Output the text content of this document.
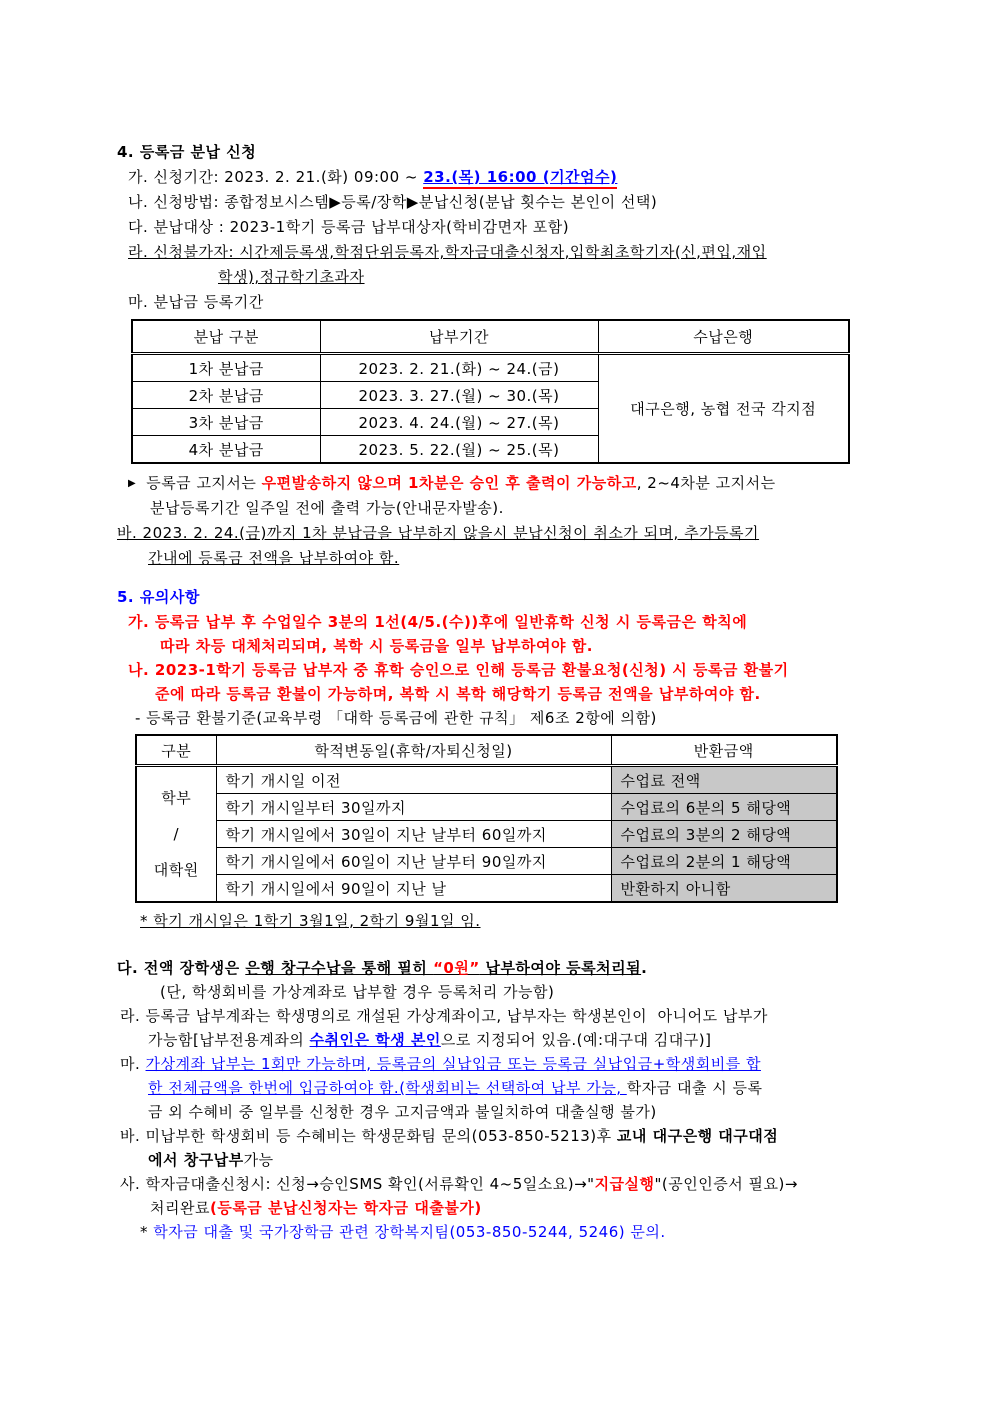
4. 등록금 분납 신청
가. 신청기간: 2023. 2. 21.(화) 09:00 ~ 23.(목) 16:00 (기간엄수)
나. 신청방법: 종합정보시스템▶등록/장학▶분납신청(분납 횟수는 본인이 선택)
다. 분납대상 : 2023-1학기 등록금 납부대상자(학비감면자 포함)
라. 신청불가자: 시간제등록생,학점단위등록자,학자금대출신청자,입학최초학기자(신,편입,재입
학생),정규학기초과자
마. 분납금 등록기간
분납 구분	납부기간	수납은행
1차 분납금	2023. 2. 21.(화) ~ 24.(금)	대구은행, 농협 전국 각지점
2차 분납금	2023. 3. 27.(월) ~ 30.(목)	
3차 분납금	2023. 4. 24.(월) ~ 27.(목)	
4차 분납금	2023. 5. 22.(월) ~ 25.(목)	
▶ 등록금 고지서는 우편발송하지 않으며 1차분은 승인 후 출력이 가능하고, 2~4차분 고지서는
분납등록기간 일주일 전에 출력 가능(안내문자발송).
바. 2023. 2. 24.(금)까지 1차 분납금을 납부하지 않을시 분납신청이 취소가 되며, 추가등록기
간내에 등록금 전액을 납부하여야 함.
5. 유의사항
가. 등록금 납부 후 수업일수 3분의 1선(4/5.(수))후에 일반휴학 신청 시 등록금은 학칙에
따라 차등 대체처리되며, 복학 시 등록금을 일부 납부하여야 함.
나. 2023-1학기 등록금 납부자 중 휴학 승인으로 인해 등록금 환불요청(신청) 시 등록금 환불기
준에 따라 등록금 환불이 가능하며, 복학 시 복학 해당학기 등록금 전액을 납부하여야 함.
- 등록금 환불기준(교육부령 「대학 등록금에 관한 규칙」 제6조 2항에 의함)
구분	학적변동일(휴학/자퇴신청일)	반환금액

학부
/
대학원	학기 개시일 이전	수업료 전액
	학기 개시일부터 30일까지	수업료의 6분의 5 해당액
	학기 개시일에서 30일이 지난 날부터 60일까지	수업료의 3분의 2 해당액
	학기 개시일에서 60일이 지난 날부터 90일까지	수업료의 2분의 1 해당액
	학기 개시일에서 90일이 지난 날	반환하지 아니함
* 학기 개시일은 1학기 3월1일, 2학기 9월1일 임.
다. 전액 장학생은 은행 창구수납을 통해 필히 “0원” 납부하여야 등록처리됨.
(단, 학생회비를 가상계좌로 납부할 경우 등록처리 가능함)
라. 등록금 납부계좌는 학생명의로 개설된 가상계좌이고, 납부자는 학생본인이  아니어도 납부가
가능함[납부전용계좌의 수취인은 학생 본인으로 지정되어 있음.(예:대구대 김대구)]
마. 가상계좌 납부는 1회만 가능하며, 등록금의 실납입금 또는 등록금 실납입금+학생회비를 합
한 전체금액을 한번에 입금하여야 함.(학생회비는 선택하여 납부 가능, 학자금 대출 시 등록
금 외 수혜비 중 일부를 신청한 경우 고지금액과 불일치하여 대출실행 불가)
바. 미납부한 학생회비 등 수혜비는 학생문화팀 문의(053-850-5213)후 교내 대구은행 대구대점
에서 창구납부가능
사. 학자금대출신청시: 신청→승인SMS 확인(서류확인 4~5일소요)→"지급실행"(공인인증서 필요)→
처리완료(등록금 분납신청자는 학자금 대출불가)
* 학자금 대출 및 국가장학금 관련 장학복지팀(053-850-5244, 5246) 문의.
